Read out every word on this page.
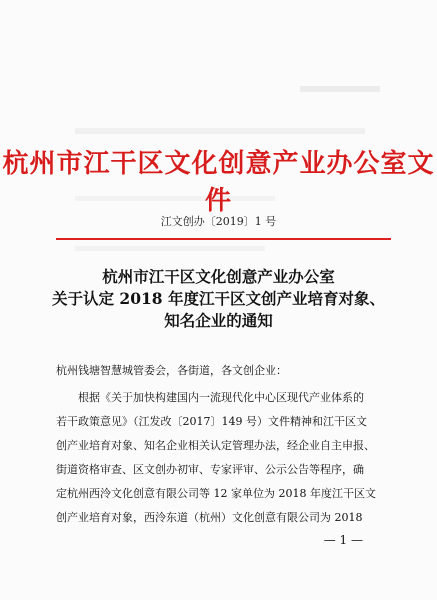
杭州市江干区文化创意产业办公室文件
江文创办〔2019〕1 号
杭州市江干区文化创意产业办公室
关于认定 2018 年度江干区文创产业培育对象、
知名企业的通知
杭州钱塘智慧城管委会，各街道，各文创企业：
根据《关于加快构建国内一流现代化中心区现代产业体系的
若干政策意见》（江发改〔2017〕149 号）文件精神和江干区文
创产业培育对象、知名企业相关认定管理办法，经企业自主申报、
街道资格审查、区文创办初审、专家评审、公示公告等程序，确
定杭州西泠文化创意有限公司等 12 家单位为 2018 年度江干区文
创产业培育对象，西泠东道（杭州）文化创意有限公司为 2018
— 1 —
